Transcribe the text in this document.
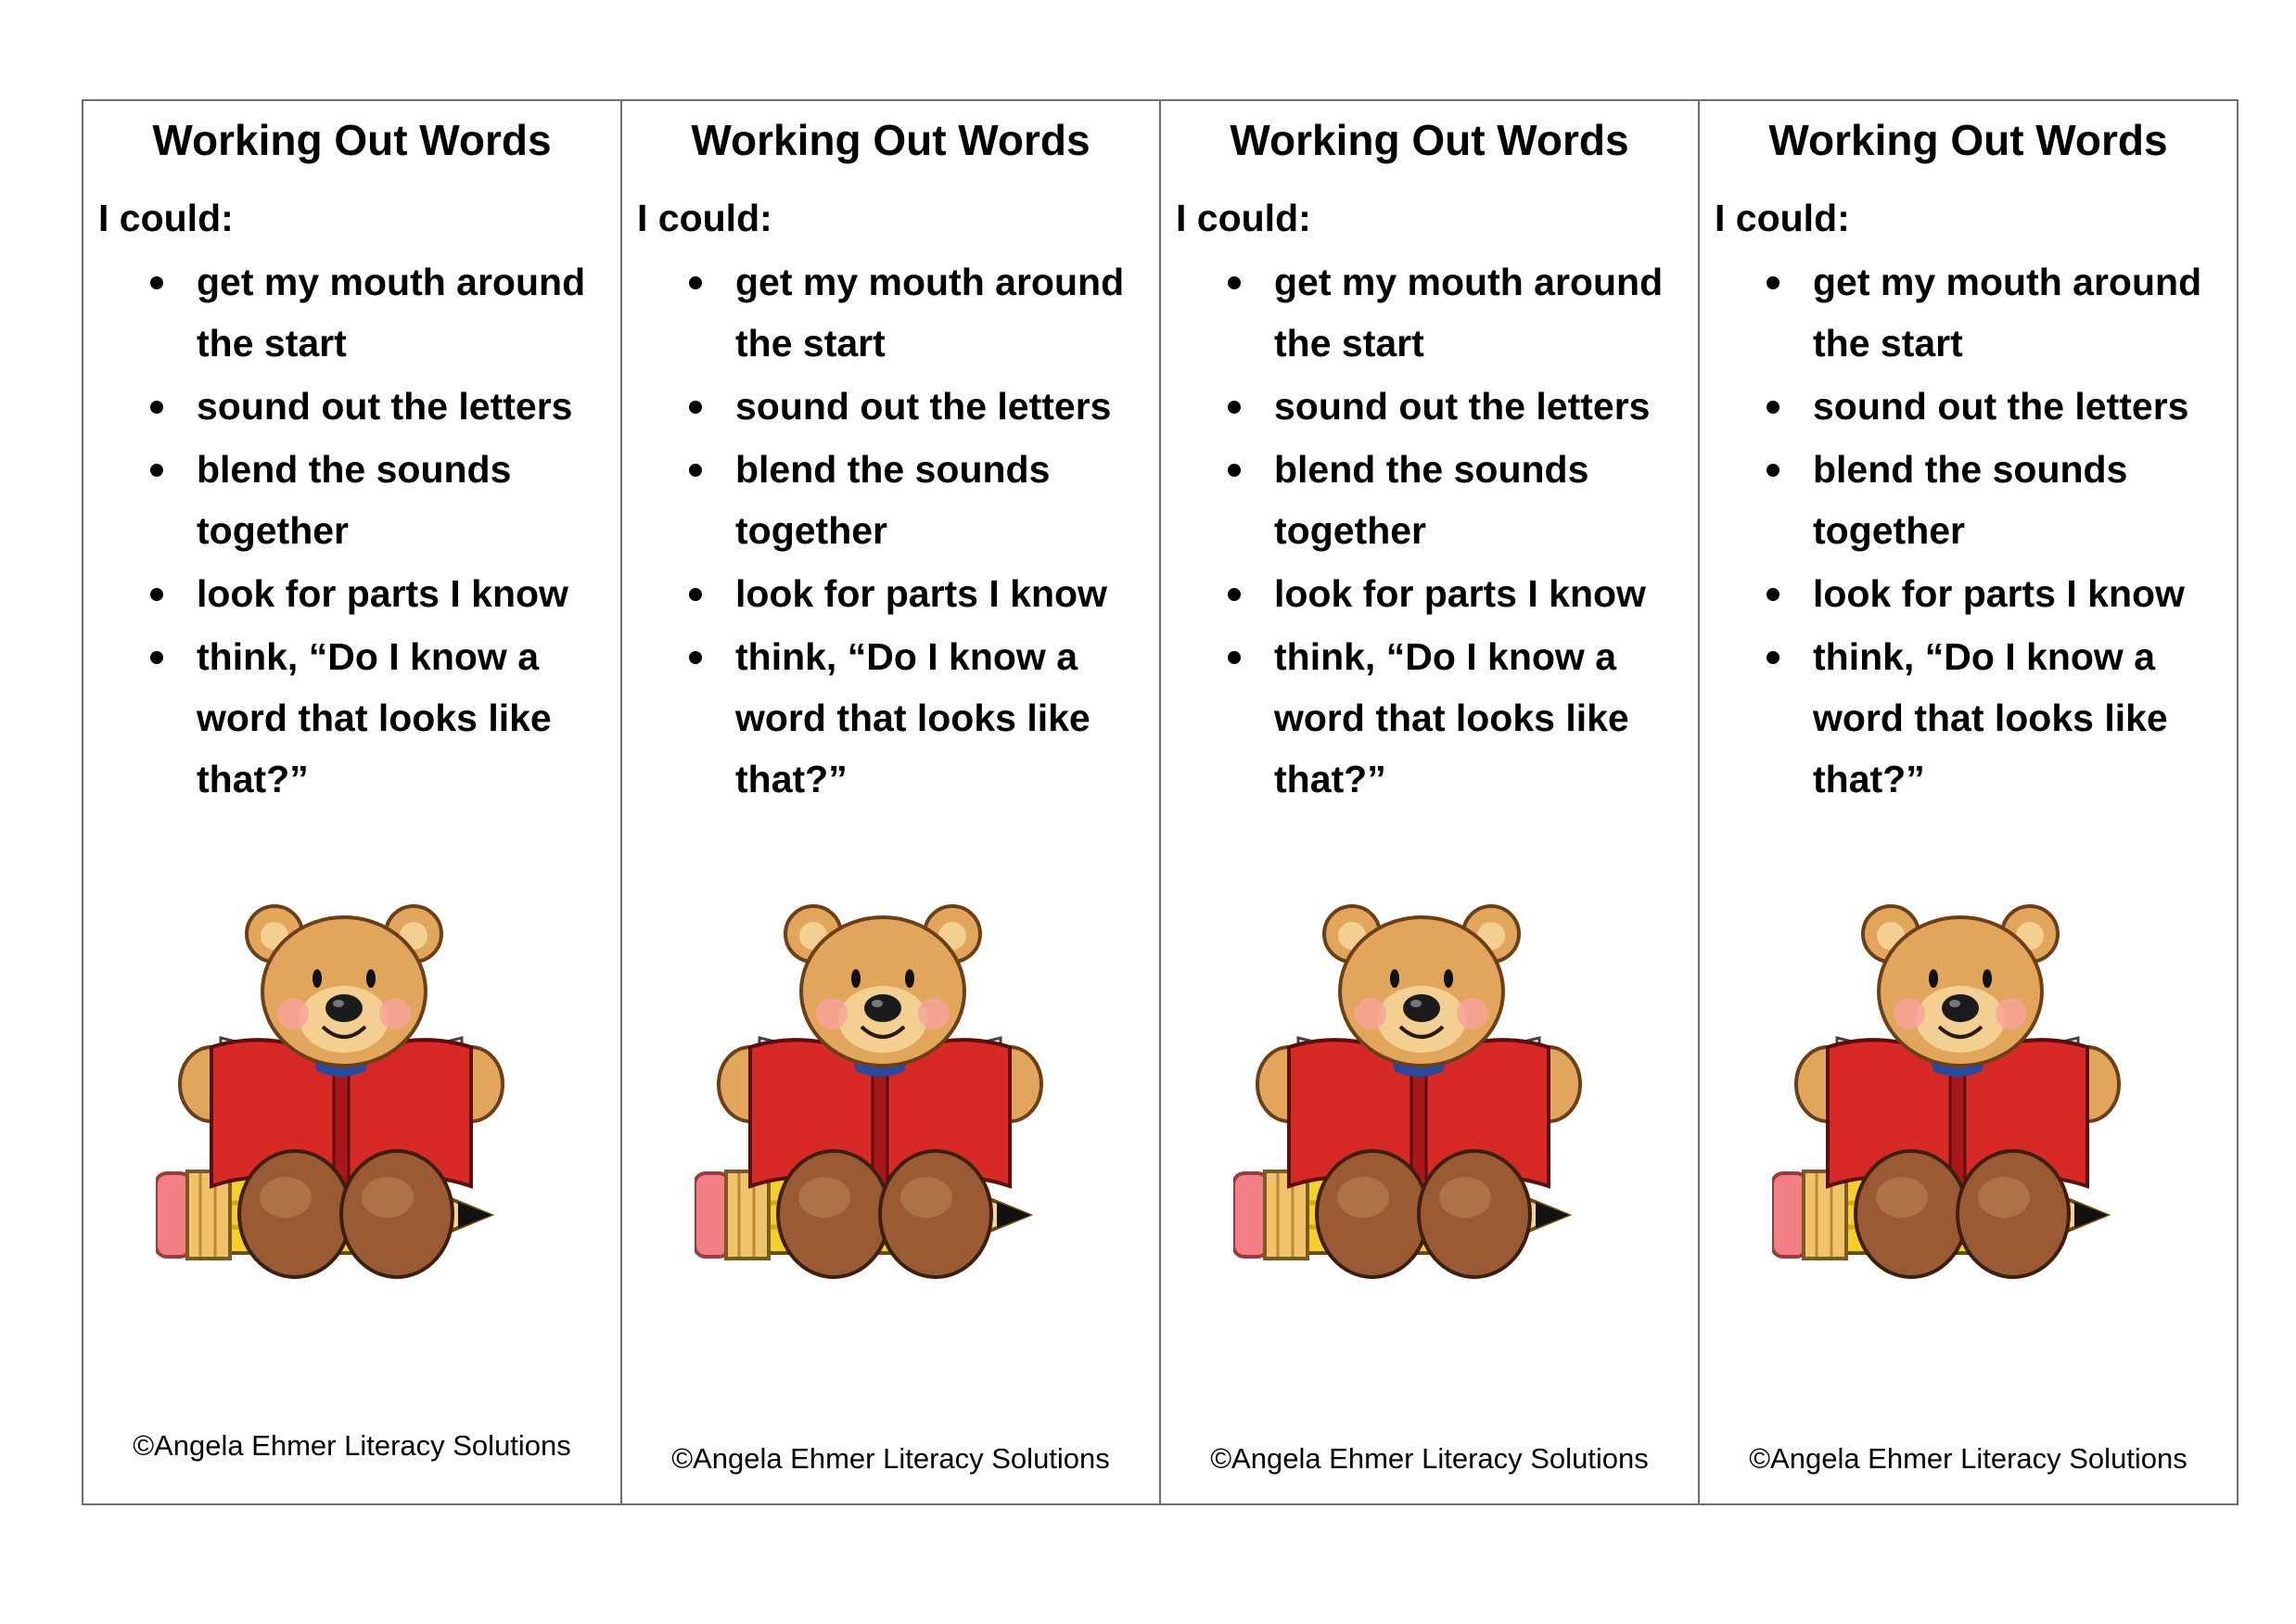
Working Out Words
I could:
get my mouth around the start
sound out the letters
blend the sounds together
look for parts I know
think, “Do I know a word that looks like that?”
©Angela Ehmer Literacy Solutions
Working Out Words
I could:
get my mouth around the start
sound out the letters
blend the sounds together
look for parts I know
think, “Do I know a word that looks like that?”
©Angela Ehmer Literacy Solutions
Working Out Words
I could:
get my mouth around the start
sound out the letters
blend the sounds together
look for parts I know
think, “Do I know a word that looks like that?”
©Angela Ehmer Literacy Solutions
Working Out Words
I could:
get my mouth around the start
sound out the letters
blend the sounds together
look for parts I know
think, “Do I know a word that looks like that?”
©Angela Ehmer Literacy Solutions
